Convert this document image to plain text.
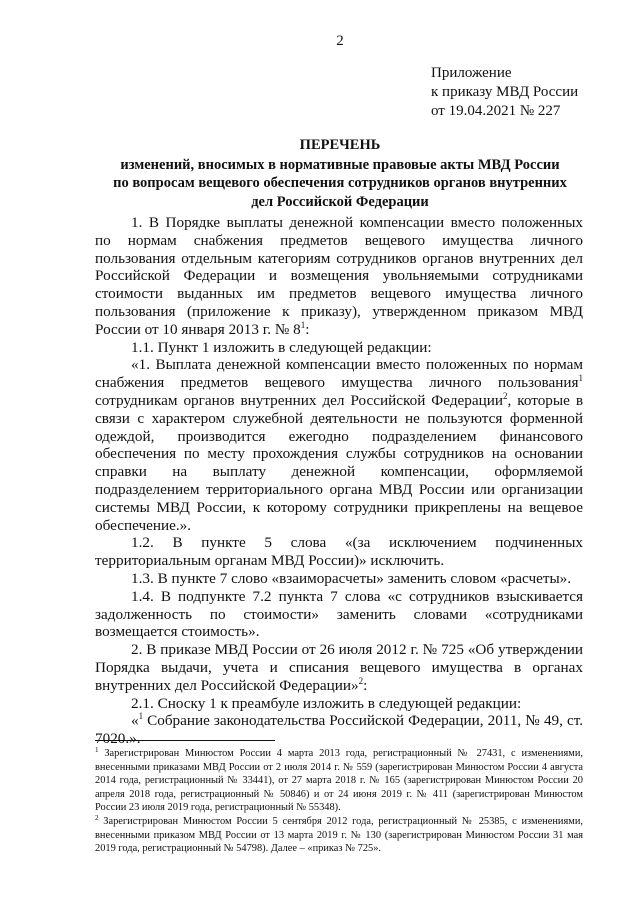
2
Приложение
к приказу МВД России
от 19.04.2021 № 227
ПЕРЕЧЕНЬ
изменений, вносимых в нормативные правовые акты МВД России
по вопросам вещевого обеспечения сотрудников органов внутренних
дел Российской Федерации

1. В Порядке выплаты денежной компенсации вместо положенных по нормам снабжения предметов вещевого имущества личного пользования отдельным категориям сотрудников органов внутренних дел Российской Федерации и возмещения увольняемыми сотрудниками стоимости выданных им предметов вещевого имущества личного пользования (приложение к приказу), утвержденном приказом МВД России от 10 января 2013 г. № $8^1$:

1.1. Пункт 1 изложить в следующей редакции:

«1. Выплата денежной компенсации вместо положенных по нормам снабжения предметов вещевого имущества личного пользования$^1$ сотрудникам органов внутренних дел Российской Федерации$^2$, которые в связи с характером служебной деятельности не пользуются форменной одеждой, производится ежегодно подразделением финансового обеспечения по месту прохождения службы сотрудников на основании справки на выплату денежной компенсации, оформляемой подразделением территориального органа МВД России или организации системы МВД России, к которому сотрудники прикреплены на вещевое обеспечение.».

1.2. В пункте 5 слова «(за исключением подчиненных территориальным органам МВД России)» исключить.

1.3. В пункте 7 слово «взаиморасчеты» заменить словом «расчеты».

1.4. В подпункте 7.2 пункта 7 слова «с сотрудников взыскивается задолженность по стоимости» заменить словами «сотрудниками возмещается стоимость».

2. В приказе МВД России от 26 июля 2012 г. № 725 «Об утверждении Порядка выдачи, учета и списания вещевого имущества в органах внутренних дел Российской Федерации»$^2$:

2.1. Сноску 1 к преамбуле изложить в следующей редакции:

«$^1$ Собрание законодательства Российской Федерации, 2011, № 49, ст. 7020.».

$^1$ Зарегистрирован Минюстом России 4 марта 2013 года, регистрационный № 27431, с изменениями, внесенными приказами МВД России от 2 июля 2014 г. № 559 (зарегистрирован Минюстом России 4 августа 2014 года, регистрационный № 33441), от 27 марта 2018 г. № 165 (зарегистрирован Минюстом России 20 апреля 2018 года, регистрационный № 50846) и от 24 июня 2019 г. № 411 (зарегистрирован Минюстом России 23 июля 2019 года, регистрационный № 55348).

$^2$ Зарегистрирован Минюстом России 5 сентября 2012 года, регистрационный № 25385, с изменениями, внесенными приказом МВД России от 13 марта 2019 г. № 130 (зарегистрирован Минюстом России 31 мая 2019 года, регистрационный № 54798). Далее – «приказ № 725».
